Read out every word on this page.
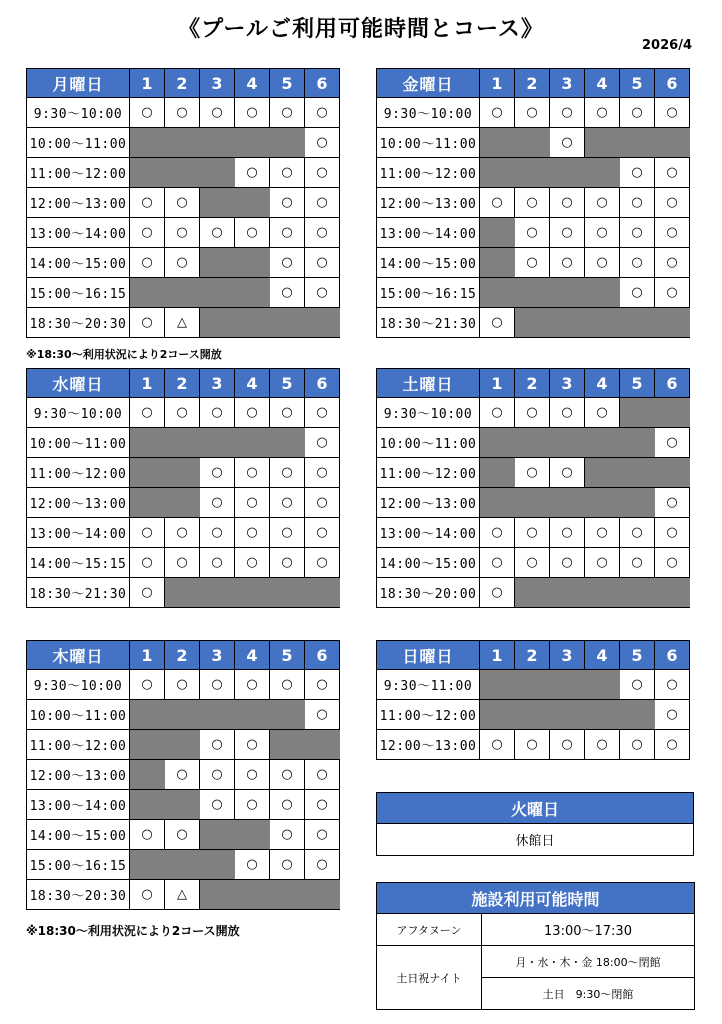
《プールご利用可能時間とコース》
2026/4
月曜日	1	2	3	4	5	6
9:30〜10:00	○	○	○	○	○	○
10:00〜11:00						○
11:00〜12:00				○	○	○
12:00〜13:00	○	○			○	○
13:00〜14:00	○	○	○	○	○	○
14:00〜15:00	○	○			○	○
15:00〜16:15					○	○
18:30〜20:30	○	△				
金曜日	1	2	3	4	5	6
9:30〜10:00	○	○	○	○	○	○
10:00〜11:00			○			
11:00〜12:00					○	○
12:00〜13:00	○	○	○	○	○	○
13:00〜14:00		○	○	○	○	○
14:00〜15:00		○	○	○	○	○
15:00〜16:15					○	○
18:30〜21:30	○					
※18:30〜利用状況により2コース開放
水曜日	1	2	3	4	5	6
9:30〜10:00	○	○	○	○	○	○
10:00〜11:00						○
11:00〜12:00			○	○	○	○
12:00〜13:00			○	○	○	○
13:00〜14:00	○	○	○	○	○	○
14:00〜15:15	○	○	○	○	○	○
18:30〜21:30	○					
土曜日	1	2	3	4	5	6
9:30〜10:00	○	○	○	○		
10:00〜11:00						○
11:00〜12:00		○	○			
12:00〜13:00						○
13:00〜14:00	○	○	○	○	○	○
14:00〜15:00	○	○	○	○	○	○
18:30〜20:00	○					
木曜日	1	2	3	4	5	6
9:30〜10:00	○	○	○	○	○	○
10:00〜11:00						○
11:00〜12:00			○	○		
12:00〜13:00		○	○	○	○	○
13:00〜14:00			○	○	○	○
14:00〜15:00	○	○			○	○
15:00〜16:15				○	○	○
18:30〜20:30	○	△				
日曜日	1	2	3	4	5	6
9:30〜11:00					○	○
11:00〜12:00						○
12:00〜13:00	○	○	○	○	○	○
※18:30〜利用状況により2コース開放
火曜日
休館日
施設利用可能時間	
アフタヌーン	13:00〜17:30
土日祝ナイト	月・水・木・金 18:00〜閉館
	土日　9:30〜閉館
